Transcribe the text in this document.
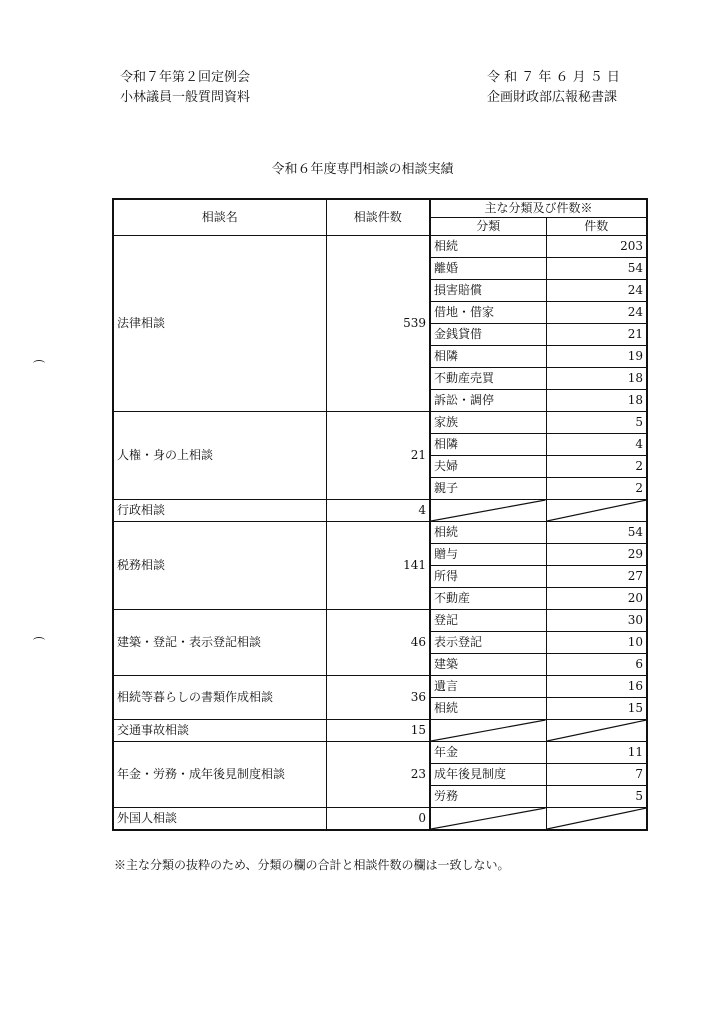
令和７年第２回定例会
小林議員一般質問資料
令 和 ７ 年 ６ 月 ５ 日
企画財政部広報秘書課
令和６年度専門相談の相談実績
相談名	相談件数	主な分類及び件数※	
		分類	件数
法律相談	539	相続	203
		離婚	54
		損害賠償	24
		借地・借家	24
		金銭貸借	21
		相隣	19
		不動産売買	18
		訴訟・調停	18
人権・身の上相談	21	家族	5
		相隣	4
		夫婦	2
		親子	2
行政相談	4	

税務相談	141	相続	54
		贈与	29
		所得	27
		不動産	20
建築・登記・表示登記相談	46	登記	30
		表示登記	10
		建築	6
相続等暮らしの書類作成相談	36	遺言	16
		相続	15
交通事故相談	15	

年金・労務・成年後見制度相談	23	年金	11
		成年後見制度	7
		労務	5
外国人相談	0	

※主な分類の抜粋のため、分類の欄の合計と相談件数の欄は一致しない。
